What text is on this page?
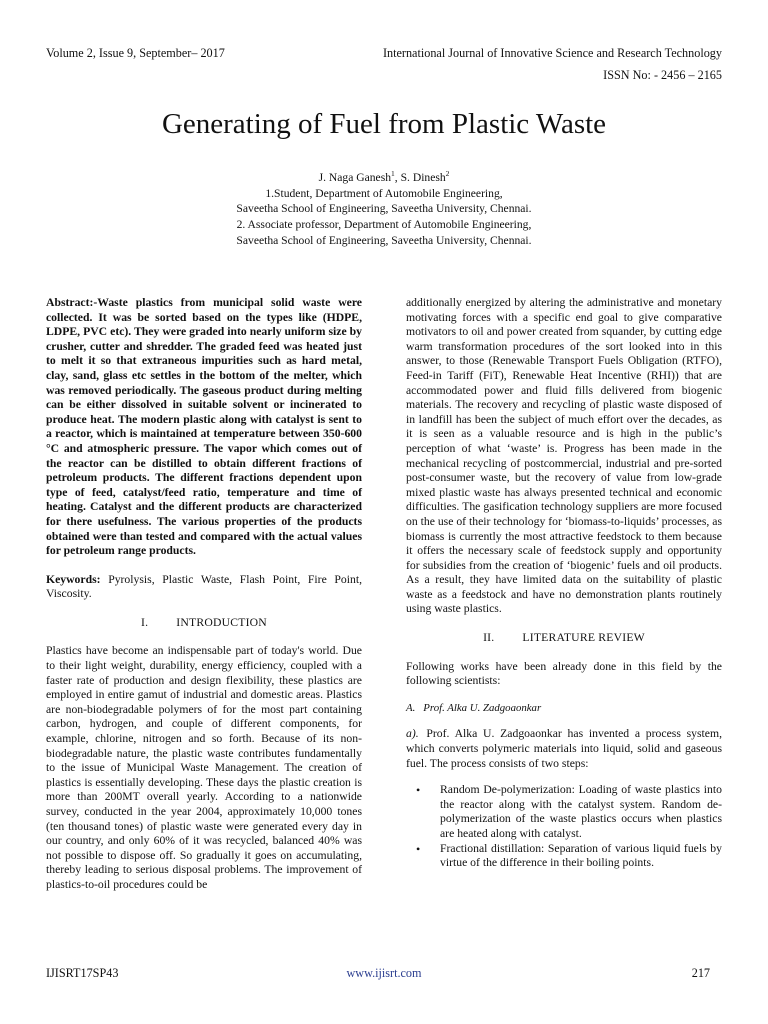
Volume 2, Issue 9, September– 2017	International Journal of Innovative Science and Research Technology
ISSN No: - 2456 – 2165
Generating of Fuel from Plastic Waste
J. Naga Ganesh$^1$, S. Dinesh$^2$
1.Student, Department of Automobile Engineering,
Saveetha School of Engineering, Saveetha University, Chennai.
2. Associate professor, Department of Automobile Engineering,
Saveetha School of Engineering, Saveetha University, Chennai.

Abstract:-Waste plastics from municipal solid waste were collected. It was be sorted based on the types like (HDPE, LDPE, PVC etc). They were graded into nearly uniform size by crusher, cutter and shredder. The graded feed was heated just to melt it so that extraneous impurities such as hard metal, clay, sand, glass etc settles in the bottom of the melter, which was removed periodically. The gaseous product during melting can be either dissolved in suitable solvent or incinerated to produce heat. The modern plastic along with catalyst is sent to a reactor, which is maintained at temperature between 350-600 °C and atmospheric pressure. The vapor which comes out of the reactor can be distilled to obtain different fractions of petroleum products. The different fractions dependent upon type of feed, catalyst/feed ratio, temperature and time of heating. Catalyst and the different products are characterized for there usefulness. The various properties of the products obtained were than tested and compared with the actual values for petroleum range products.

Keywords: Pyrolysis, Plastic Waste, Flash Point, Fire Point, Viscosity.

I. INTRODUCTION

Plastics have become an indispensable part of today's world. Due to their light weight, durability, energy efficiency, coupled with a faster rate of production and design flexibility, these plastics are employed in entire gamut of industrial and domestic areas. Plastics are non-biodegradable polymers of for the most part containing carbon, hydrogen, and couple of different components, for example, chlorine, nitrogen and so forth. Because of its non-biodegradable nature, the plastic waste contributes fundamentally to the issue of Municipal Waste Management. The creation of plastics is essentially developing. These days the plastic creation is more than 200MT overall yearly. According to a nationwide survey, conducted in the year 2004, approximately 10,000 tones (ten thousand tones) of plastic waste were generated every day in our country, and only 60% of it was recycled, balanced 40% was not possible to dispose off. So gradually it goes on accumulating, thereby leading to serious disposal problems. The improvement of plastics-to-oil procedures could be

additionally energized by altering the administrative and monetary motivating forces with a specific end goal to give comparative motivators to oil and power created from squander, by cutting edge warm transformation procedures of the sort looked into in this answer, to those (Renewable Transport Fuels Obligation (RTFO), Feed-in Tariff (FiT), Renewable Heat Incentive (RHI)) that are accommodated power and fluid fills delivered from biogenic materials. The recovery and recycling of plastic waste disposed of in landfill has been the subject of much effort over the decades, as it is seen as a valuable resource and is high in the public’s perception of what ‘waste’ is. Progress has been made in the mechanical recycling of postcommercial, industrial and pre-sorted post-consumer waste, but the recovery of value from low-grade mixed plastic waste has always presented technical and economic difficulties. The gasification technology suppliers are more focused on the use of their technology for ‘biomass-to-liquids’ processes, as biomass is currently the most attractive feedstock to them because it offers the necessary scale of feedstock supply and opportunity for subsidies from the creation of ‘biogenic’ fuels and oil products. As a result, they have limited data on the suitability of plastic waste as a feedstock and have no demonstration plants routinely using waste plastics.

II. LITERATURE REVIEW

Following works have been already done in this field by the following scientists:

A. Prof. Alka U. Zadgoaonkar

a). Prof. Alka U. Zadgoaonkar has invented a process system, which converts polymeric materials into liquid, solid and gaseous fuel. The process consists of two steps:

• Random De-polymerization: Loading of waste plastics into the reactor along with the catalyst system. Random de-polymerization of the waste plastics occurs when plastics are heated along with catalyst.
• Fractional distillation: Separation of various liquid fuels by virtue of the difference in their boiling points.
IJISRT17SP43	www.ijisrt.com	217
